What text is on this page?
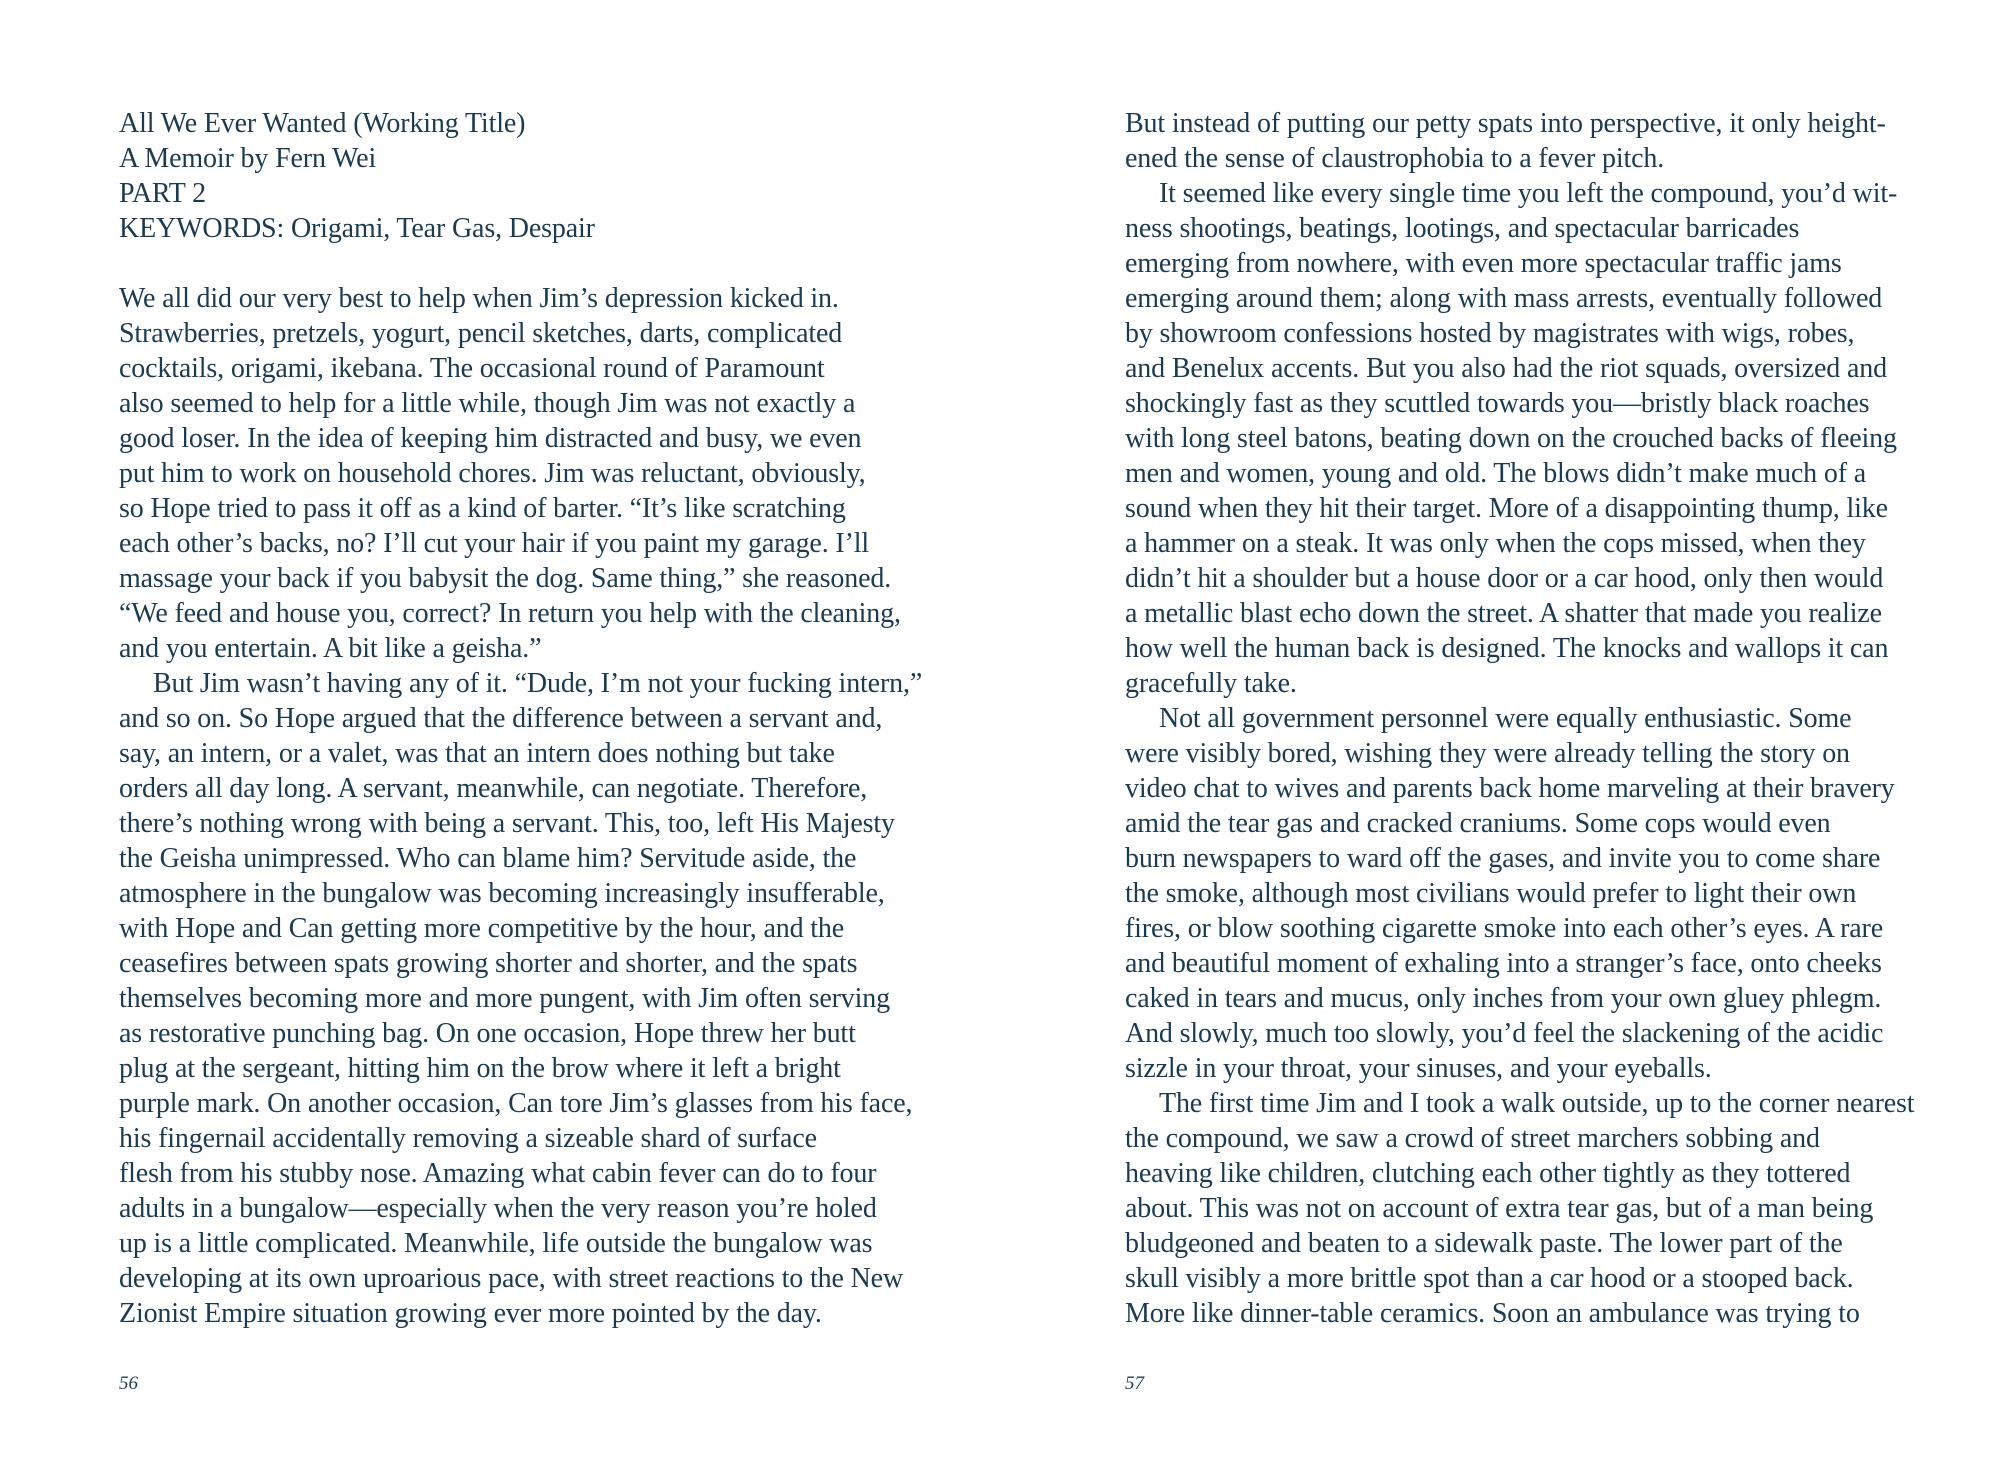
All We Ever Wanted (Working Title)
A Memoir by Fern Wei
PART 2
KEYWORDS: Origami, Tear Gas, Despair
We all did our very best to help when Jim’s depression kicked in.
Strawberries, pretzels, yogurt, pencil sketches, darts, complicated
cocktails, origami, ikebana. The occasional round of Paramount
also seemed to help for a little while, though Jim was not exactly a
good loser. In the idea of keeping him distracted and busy, we even
put him to work on household chores. Jim was reluctant, obviously,
so Hope tried to pass it off as a kind of barter. “It’s like scratching
each other’s backs, no? I’ll cut your hair if you paint my garage. I’ll
massage your back if you babysit the dog. Same thing,” she reasoned.
“We feed and house you, correct? In return you help with the cleaning,
and you entertain. A bit like a geisha.”
But Jim wasn’t having any of it. “Dude, I’m not your fucking intern,”
and so on. So Hope argued that the difference between a servant and,
say, an intern, or a valet, was that an intern does nothing but take
orders all day long. A servant, meanwhile, can negotiate. Therefore,
there’s nothing wrong with being a servant. This, too, left His Majesty
the Geisha unimpressed. Who can blame him? Servitude aside, the
atmosphere in the bungalow was becoming increasingly insufferable,
with Hope and Can getting more competitive by the hour, and the
ceasefires between spats growing shorter and shorter, and the spats
themselves becoming more and more pungent, with Jim often serving
as restorative punching bag. On one occasion, Hope threw her butt
plug at the sergeant, hitting him on the brow where it left a bright
purple mark. On another occasion, Can tore Jim’s glasses from his face,
his fingernail accidentally removing a sizeable shard of surface
flesh from his stubby nose. Amazing what cabin fever can do to four
adults in a bungalow—especially when the very reason you’re holed
up is a little complicated. Meanwhile, life outside the bungalow was
developing at its own uproarious pace, with street reactions to the New
Zionist Empire situation growing ever more pointed by the day.
56
But instead of putting our petty spats into perspective, it only height-
ened the sense of claustrophobia to a fever pitch.
It seemed like every single time you left the compound, you’d wit-
ness shootings, beatings, lootings, and spectacular barricades
emerging from nowhere, with even more spectacular traffic jams
emerging around them; along with mass arrests, eventually followed
by showroom confessions hosted by magistrates with wigs, robes,
and Benelux accents. But you also had the riot squads, oversized and
shockingly fast as they scuttled towards you—bristly black roaches
with long steel batons, beating down on the crouched backs of fleeing
men and women, young and old. The blows didn’t make much of a
sound when they hit their target. More of a disappointing thump, like
a hammer on a steak. It was only when the cops missed, when they
didn’t hit a shoulder but a house door or a car hood, only then would
a metallic blast echo down the street. A shatter that made you realize
how well the human back is designed. The knocks and wallops it can
gracefully take.
Not all government personnel were equally enthusiastic. Some
were visibly bored, wishing they were already telling the story on
video chat to wives and parents back home marveling at their bravery
amid the tear gas and cracked craniums. Some cops would even
burn newspapers to ward off the gases, and invite you to come share
the smoke, although most civilians would prefer to light their own
fires, or blow soothing cigarette smoke into each other’s eyes. A rare
and beautiful moment of exhaling into a stranger’s face, onto cheeks
caked in tears and mucus, only inches from your own gluey phlegm.
And slowly, much too slowly, you’d feel the slackening of the acidic
sizzle in your throat, your sinuses, and your eyeballs.
The first time Jim and I took a walk outside, up to the corner nearest
the compound, we saw a crowd of street marchers sobbing and
heaving like children, clutching each other tightly as they tottered
about. This was not on account of extra tear gas, but of a man being
bludgeoned and beaten to a sidewalk paste. The lower part of the
skull visibly a more brittle spot than a car hood or a stooped back.
More like dinner-table ceramics. Soon an ambulance was trying to
57
